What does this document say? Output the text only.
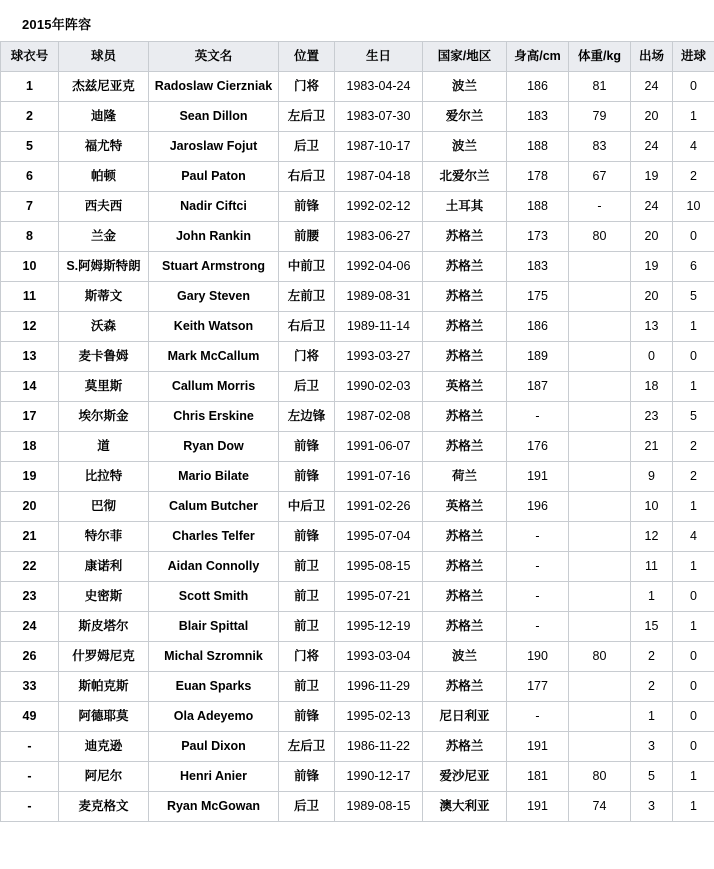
2015年阵容
球衣号	球员	英文名	位置	生日	国家/地区	身高/cm	体重/kg	出场	进球
1	杰兹尼亚克	Radoslaw Cierzniak	门将	1983-04-24	波兰	186	81	24	0
2	迪隆	Sean Dillon	左后卫	1983-07-30	爱尔兰	183	79	20	1
5	福尤特	Jaroslaw Fojut	后卫	1987-10-17	波兰	188	83	24	4
6	帕顿	Paul Paton	右后卫	1987-04-18	北爱尔兰	178	67	19	2
7	西夫西	Nadir Ciftci	前锋	1992-02-12	土耳其	188	-	24	10
8	兰金	John Rankin	前腰	1983-06-27	苏格兰	173	80	20	0
10	S.阿姆斯特朗	Stuart Armstrong	中前卫	1992-04-06	苏格兰	183		19	6
11	斯蒂文	Gary Steven	左前卫	1989-08-31	苏格兰	175		20	5
12	沃森	Keith Watson	右后卫	1989-11-14	苏格兰	186		13	1
13	麦卡鲁姆	Mark McCallum	门将	1993-03-27	苏格兰	189		0	0
14	莫里斯	Callum Morris	后卫	1990-02-03	英格兰	187		18	1
17	埃尔斯金	Chris Erskine	左边锋	1987-02-08	苏格兰	-		23	5
18	道	Ryan Dow	前锋	1991-06-07	苏格兰	176		21	2
19	比拉特	Mario Bilate	前锋	1991-07-16	荷兰	191		9	2
20	巴彻	Calum Butcher	中后卫	1991-02-26	英格兰	196		10	1
21	特尔菲	Charles Telfer	前锋	1995-07-04	苏格兰	-		12	4
22	康诺利	Aidan Connolly	前卫	1995-08-15	苏格兰	-		11	1
23	史密斯	Scott Smith	前卫	1995-07-21	苏格兰	-		1	0
24	斯皮塔尔	Blair Spittal	前卫	1995-12-19	苏格兰	-		15	1
26	什罗姆尼克	Michal Szromnik	门将	1993-03-04	波兰	190	80	2	0
33	斯帕克斯	Euan Sparks	前卫	1996-11-29	苏格兰	177		2	0
49	阿德耶莫	Ola Adeyemo	前锋	1995-02-13	尼日利亚	-		1	0
-	迪克逊	Paul Dixon	左后卫	1986-11-22	苏格兰	191		3	0
-	阿尼尔	Henri Anier	前锋	1990-12-17	爱沙尼亚	181	80	5	1
-	麦克格文	Ryan McGowan	后卫	1989-08-15	澳大利亚	191	74	3	1
